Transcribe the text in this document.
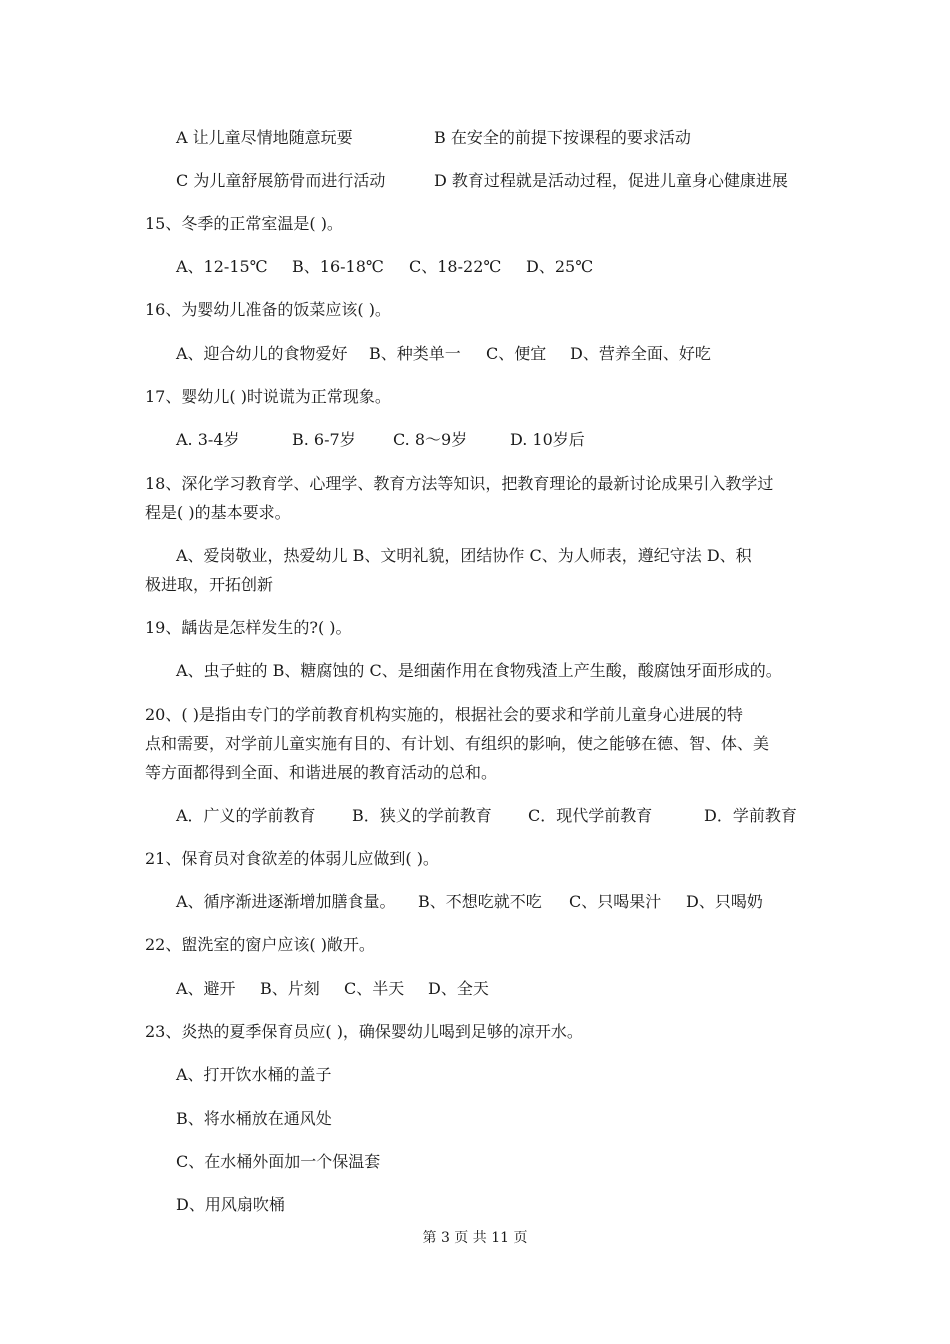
A 让儿童尽情地随意玩要	B 在安全的前提下按课程的要求活动
C 为儿童舒展筋骨而进行活动	D 教育过程就是活动过程，促进儿童身心健康进展
15、冬季的正常室温是( )。
A、12-15℃ B、16-18℃ C、18-22℃ D、25℃
16、为婴幼儿准备的饭菜应该( )。
A、迎合幼儿的食物爱好 B、种类单一 C、便宜 D、营养全面、好吃
17、婴幼儿( )时说谎为正常现象。
A. 3-4岁	B. 6-7岁 C. 8～9岁	D. 10岁后
18、深化学习教育学、心理学、教育方法等知识，把教育理论的最新讨论成果引入教学过
程是( )的基本要求。
A、爱岗敬业，热爱幼儿 B、文明礼貌，团结协作 C、为人师表，遵纪守法 D、积
极进取，开拓创新
19、龋齿是怎样发生的?( )。
A、虫子蛀的 B、糖腐蚀的 C、是细菌作用在食物残渣上产生酸，酸腐蚀牙面形成的。
20、( )是指由专门的学前教育机构实施的，根据社会的要求和学前儿童身心进展的特
点和需要，对学前儿童实施有目的、有计划、有组织的影响，使之能够在德、智、体、美
等方面都得到全面、和谐进展的教育活动的总和。
A．广义的学前教育 B．狭义的学前教育 C．现代学前教育	D．学前教育
21、保育员对食欲差的体弱儿应做到( )。
A、循序渐进逐渐增加膳食量。 B、不想吃就不吃 C、只喝果汁 D、只喝奶
22、盥洗室的窗户应该( )敞开。
A、避开 B、片刻 C、半天 D、全天
23、炎热的夏季保育员应( )，确保婴幼儿喝到足够的凉开水。
A、打开饮水桶的盖子
B、将水桶放在通风处
C、在水桶外面加一个保温套
D、用风扇吹桶
第 3 页 共 11 页
